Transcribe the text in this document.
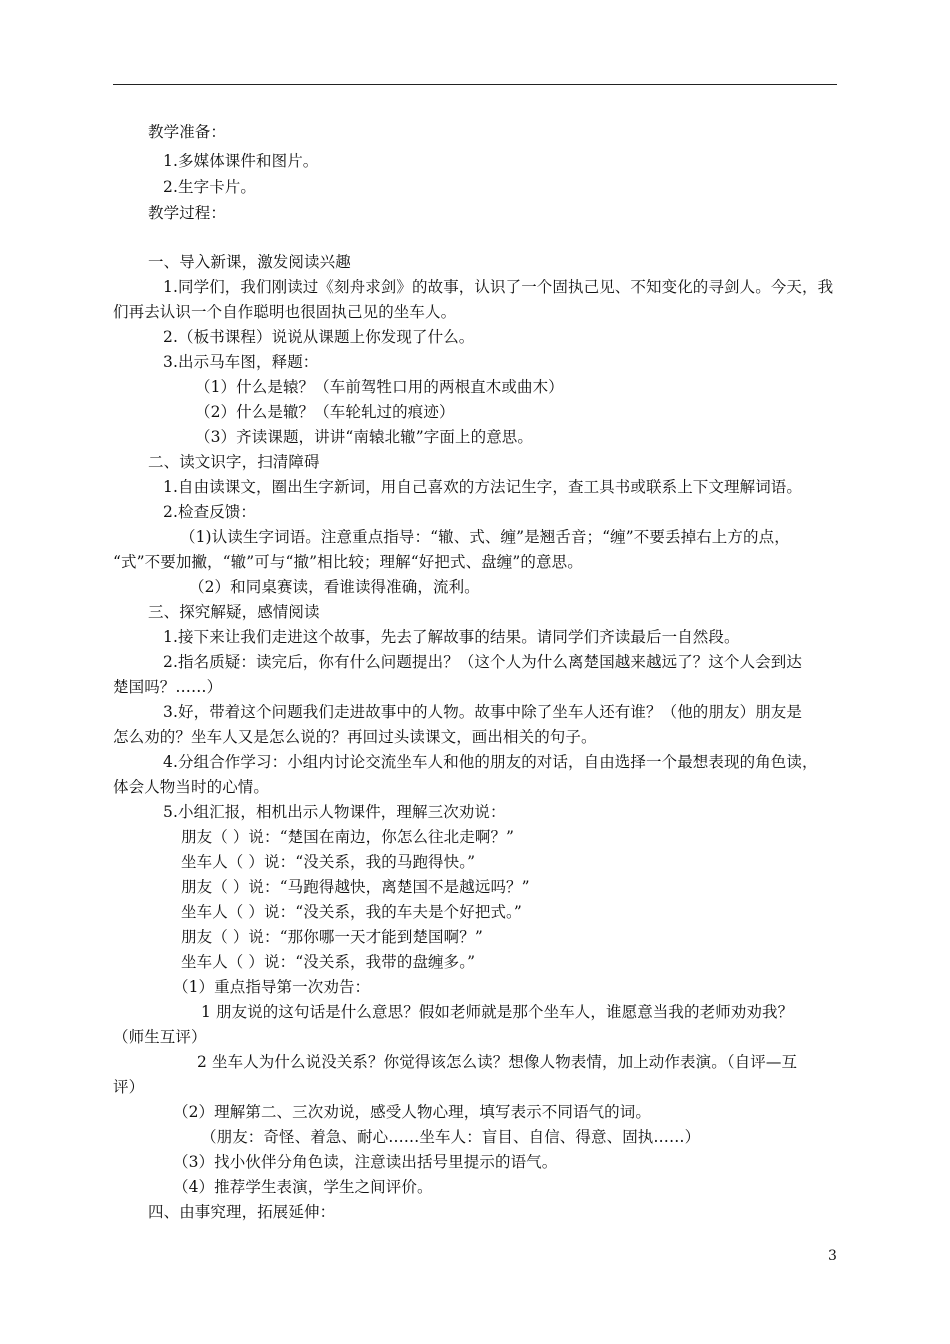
教学准备：
1.多媒体课件和图片。
2.生字卡片。
教学过程：
一、导入新课，激发阅读兴趣
1.同学们，我们刚读过《刻舟求剑》的故事，认识了一个固执己见、不知变化的寻剑人。今天，我
们再去认识一个自作聪明也很固执己见的坐车人。
2.（板书课程）说说从课题上你发现了什么。
3.出示马车图，释题：
（1）什么是辕？（车前驾牲口用的两根直木或曲木）
（2）什么是辙？（车轮轧过的痕迹）
（3）齐读课题，讲讲“南辕北辙”字面上的意思。
二、读文识字，扫清障碍
1.自由读课文，圈出生字新词，用自己喜欢的方法记生字，查工具书或联系上下文理解词语。
2.检查反馈：
（1)认读生字词语。注意重点指导：“辙、式、缠”是翘舌音；“缠”不要丢掉右上方的点，
“式”不要加撇，“辙”可与“撤”相比较；理解“好把式、盘缠”的意思。
（2）和同桌赛读，看谁读得准确，流利。
三、探究解疑，感情阅读
1.接下来让我们走进这个故事，先去了解故事的结果。请同学们齐读最后一自然段。
2.指名质疑：读完后，你有什么问题提出？（这个人为什么离楚国越来越远了？这个人会到达
楚国吗？……）
3.好，带着这个问题我们走进故事中的人物。故事中除了坐车人还有谁？（他的朋友）朋友是
怎么劝的？坐车人又是怎么说的？再回过头读课文，画出相关的句子。
4.分组合作学习：小组内讨论交流坐车人和他的朋友的对话，自由选择一个最想表现的角色读，
体会人物当时的心情。
5.小组汇报，相机出示人物课件，理解三次劝说：
朋友（ ）说：“楚国在南边，你怎么往北走啊？”
坐车人（ ）说：“没关系，我的马跑得快。”
朋友（ ）说：“马跑得越快，离楚国不是越远吗？”
坐车人（ ）说：“没关系，我的车夫是个好把式。”
朋友（ ）说：“那你哪一天才能到楚国啊？”
坐车人（ ）说：“没关系，我带的盘缠多。”
（1）重点指导第一次劝告：
1 朋友说的这句话是什么意思？假如老师就是那个坐车人，谁愿意当我的老师劝劝我？
（师生互评）
2 坐车人为什么说没关系？你觉得该怎么读？想像人物表情，加上动作表演。（自评—互
评）
（2）理解第二、三次劝说，感受人物心理，填写表示不同语气的词。
（朋友：奇怪、着急、耐心……坐车人：盲目、自信、得意、固执……）
（3）找小伙伴分角色读，注意读出括号里提示的语气。
（4）推荐学生表演，学生之间评价。
四、由事究理，拓展延伸：
3
